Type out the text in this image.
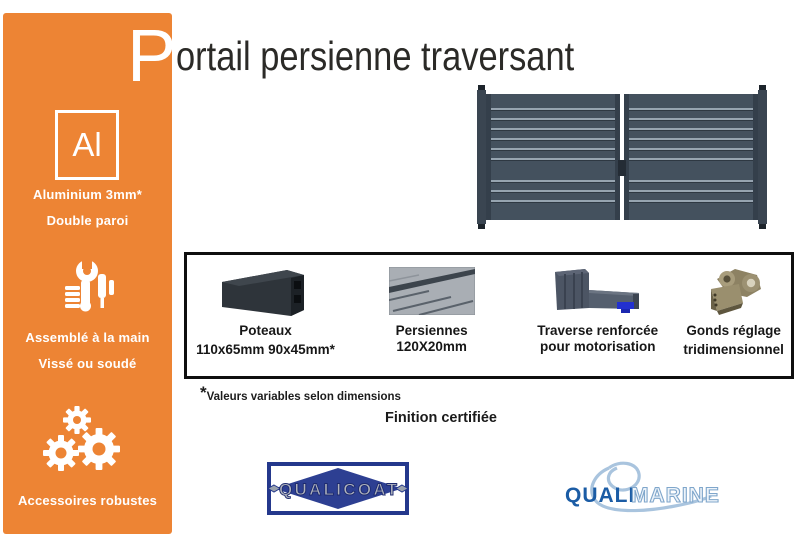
Al
Aluminium 3mm*
Double paroi
Assemblé à la main
Vissé ou soudé
Accessoires robustes
P ortail persienne traversant
Poteaux
110x65mm 90x45mm*
Persiennes
120X20mm
Traverse renforcée
pour motorisation
Gonds réglage
tridimensionnel
*Valeurs variables selon dimensions
Finition certifiée
QUALICOAT	QUALI
MARINE
